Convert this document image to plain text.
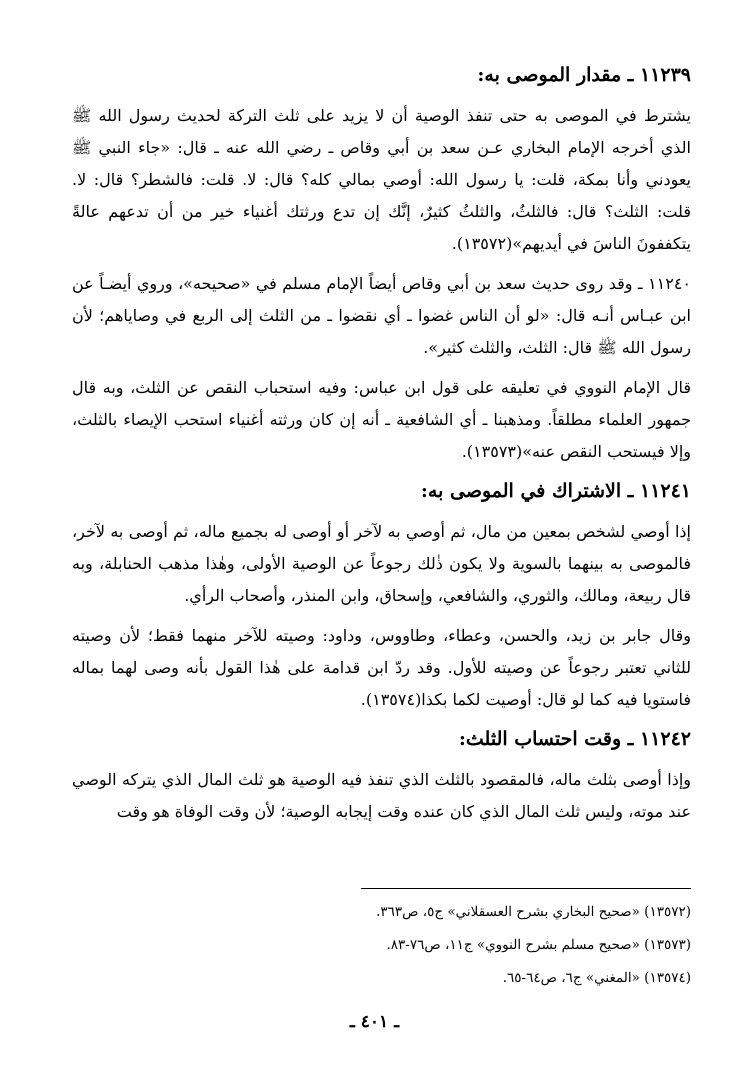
١١٢٣٩ ـ مقدار الموصى به:

يشترط في الموصى به حتى تنفذ الوصية أن لا يزيد على ثلث التركة لحديث رسول الله ﷺ الذي أخرجه الإمام البخاري عـن سعد بن أبي وقاص ـ رضي الله عنه ـ قال: «جاء النبي ﷺ يعودني وأنا بمكة، قلت: يا رسول الله: أوصي بمالي كله؟ قال: لا. قلت: فالشطر؟ قال: لا. قلت: الثلث؟ قال: فالثلثُ، والثلثُ كثيرٌ، إنَّك إن تدع ورثتك أغنياء خير من أن تدعهم عالةً يتكففونَ الناسَ في أيديهم»(١٣٥٧٢).

١١٢٤٠ ـ وقد روى حديث سعد بن أبي وقاص أيضاً الإمام مسلم في «صحيحه»، وروي أيضـاً عن ابن عبـاس أنـه قال: «لو أن الناس غضوا ـ أي نقضوا ـ من الثلث إلى الربع في وصاياهم؛ لأن رسول الله ﷺ قال: الثلث، والثلث كثير».

قال الإمام النووي في تعليقه على قول ابن عباس: وفيه استحباب النقص عن الثلث، وبه قال جمهور العلماء مطلقاً. ومذهبنا ـ أي الشافعية ـ أنه إن كان ورثته أغنياء استحب الإيصاء بالثلث، وإلا فيستحب النقص عنه»(١٣٥٧٣).

١١٢٤١ ـ الاشتراك في الموصى به:

إذا أوصي لشخص بمعين من مال، ثم أوصي به لآخر أو أوصى له بجميع ماله، ثم أوصى به لآخر، فالموصى به بينهما بالسوية ولا يكون ذٰلك رجوعاً عن الوصية الأولى، وهٰذا مذهب الحنابلة، وبه قال ربيعة، ومالك، والثوري، والشافعي، وإسحاق، وابن المنذر، وأصحاب الرأي.

وقال جابر بن زيد، والحسن، وعطاء، وطاووس، وداود: وصيته للآخر منهما فقط؛ لأن وصيته للثاني تعتبر رجوعاً عن وصيته للأول. وقد ردّ ابن قدامة على هٰذا القول بأنه وصى لهما بماله فاستويا فيه كما لو قال: أوصيت لكما بكذا(١٣٥٧٤).

١١٢٤٢ ـ وقت احتساب الثلث:

وإذا أوصى بثلث ماله، فالمقصود بالثلث الذي تنفذ فيه الوصية هو ثلث المال الذي يتركه الوصي عند موته، وليس ثلث المال الذي كان عنده وقت إيجابه الوصية؛ لأن وقت الوفاة هو وقت

(١٣٥٧٢) «صحيح البخاري بشرح العسقلاني» ج٥، ص٣٦٣.

(١٣٥٧٣) «صحيح مسلم بشرح النووي» ج١١، ص٧٦-٨٣.

(١٣٥٧٤) «المغني» ج٦، ص٦٤-٦٥.

ـ ٤٠١ ـ
